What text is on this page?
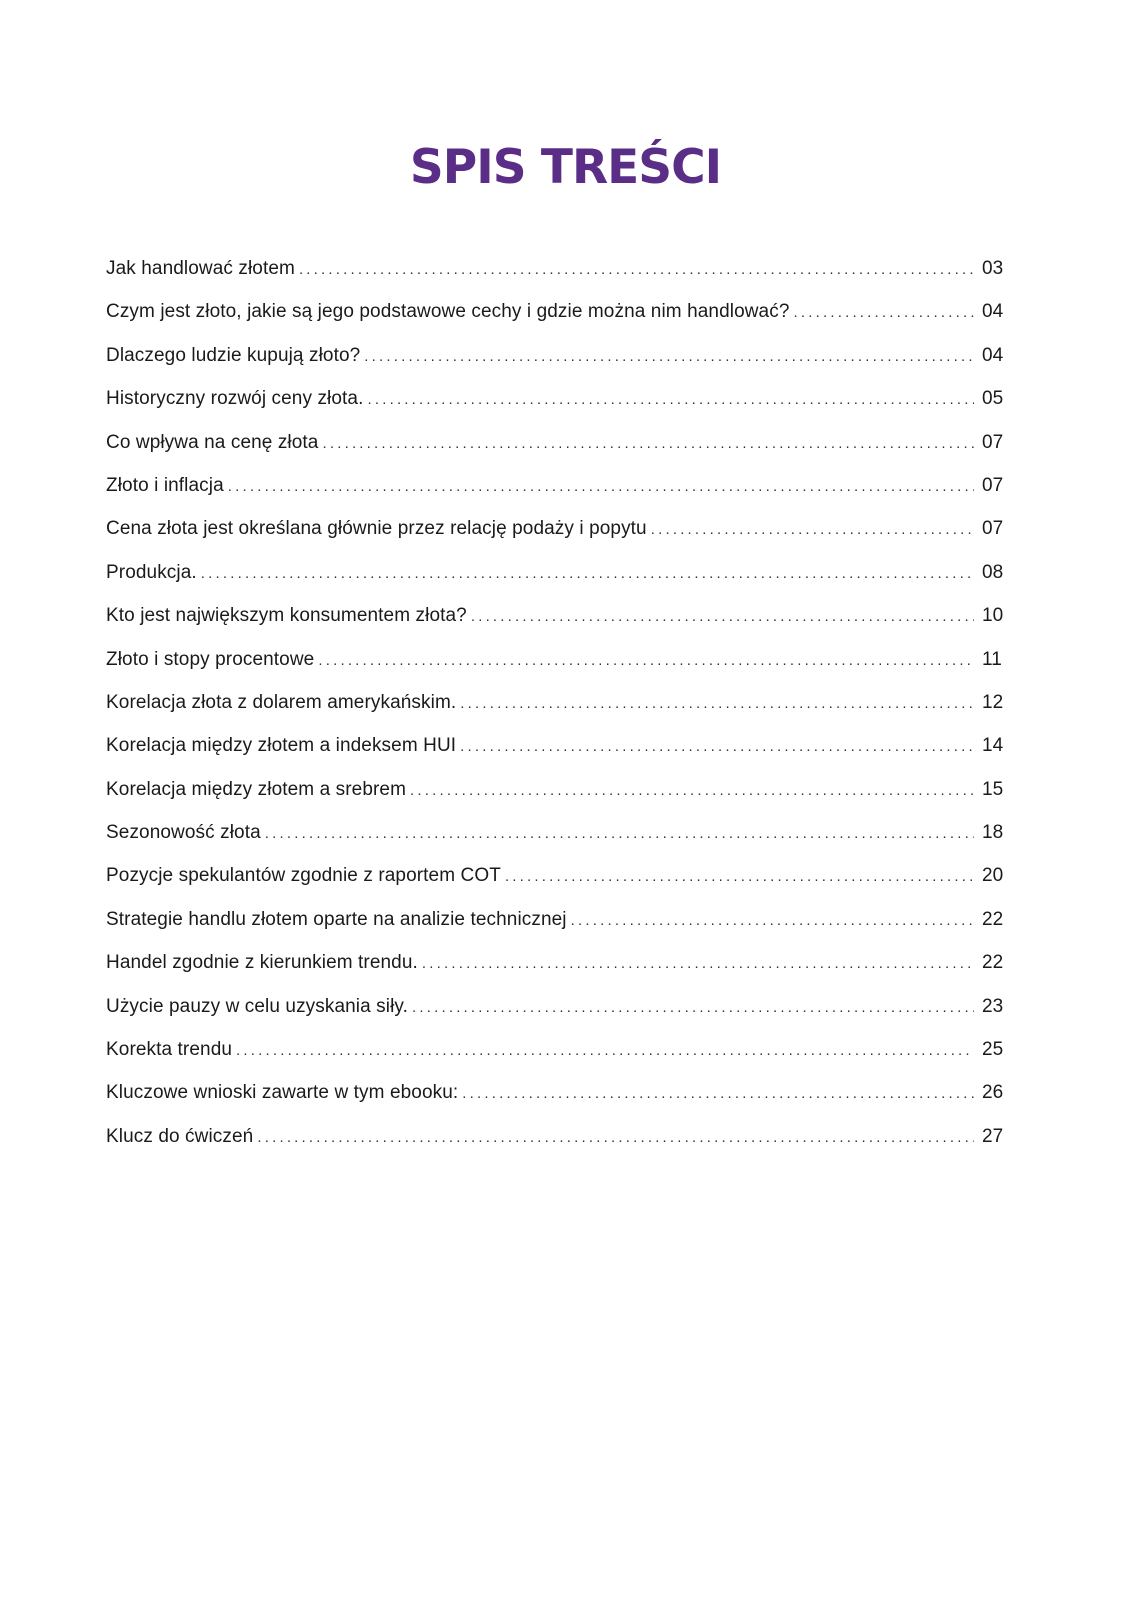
SPIS TREŚCI
Jak handlować złotem .....	03
Czym jest złoto, jakie są jego podstawowe cechy i gdzie można nim handlować? .....	04
Dlaczego ludzie kupują złoto? .....	04
Historyczny rozwój ceny złota. .....	05
Co wpływa na cenę złota .....	07
Złoto i inflacja .....	07
Cena złota jest określana głównie przez relację podaży i popytu .....	07
Produkcja. .....	08
Kto jest największym konsumentem złota? .....	10
Złoto i stopy procentowe .....	11
Korelacja złota z dolarem amerykańskim. .....	12
Korelacja między złotem a indeksem HUI .....	14
Korelacja między złotem a srebrem .....	15
Sezonowość złota .....	18
Pozycje spekulantów zgodnie z raportem COT .....	20
Strategie handlu złotem oparte na analizie technicznej .....	22
Handel zgodnie z kierunkiem trendu. .....	22
Użycie pauzy w celu uzyskania siły. .....	23
Korekta trendu .....	25
Kluczowe wnioski zawarte w tym ebooku: .....	26
Klucz do ćwiczeń .....	27
